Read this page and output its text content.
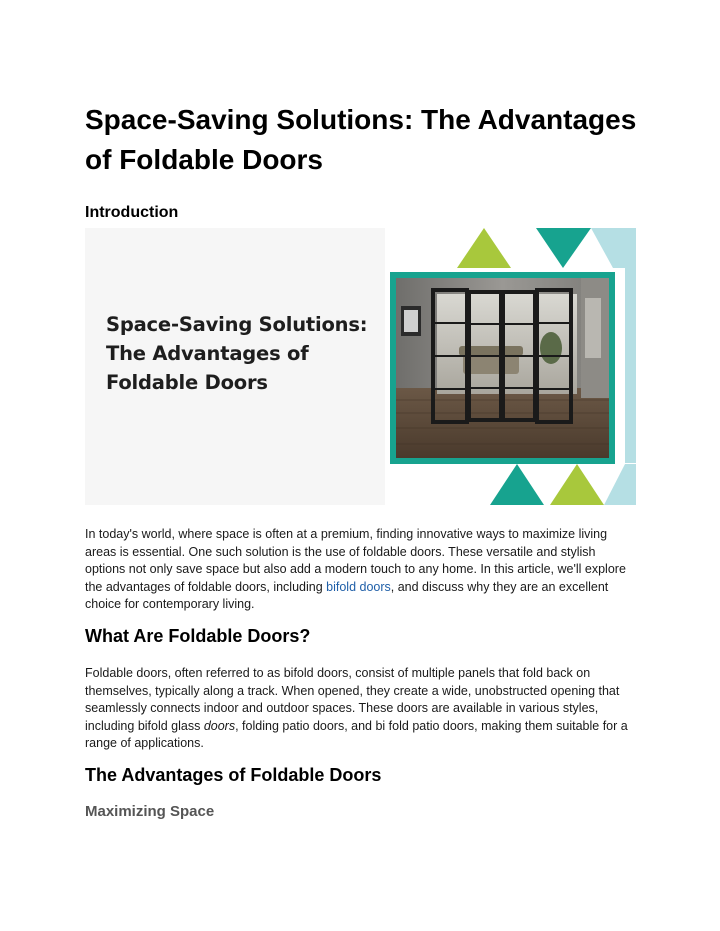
Space-Saving Solutions: The Advantages of Foldable Doors
Introduction
Space-Saving Solutions:
The Advantages of
Foldable Doors

In today's world, where space is often at a premium, finding innovative ways to maximize living areas is essential. One such solution is the use of foldable doors. These versatile and stylish options not only save space but also add a modern touch to any home. In this article, we'll explore the advantages of foldable doors, including bifold doors, and discuss why they are an excellent choice for contemporary living.

What Are Foldable Doors?

Foldable doors, often referred to as bifold doors, consist of multiple panels that fold back on themselves, typically along a track. When opened, they create a wide, unobstructed opening that seamlessly connects indoor and outdoor spaces. These doors are available in various styles, including bifold glass doors, folding patio doors, and bi fold patio doors, making them suitable for a range of applications.

The Advantages of Foldable Doors
Maximizing Space
